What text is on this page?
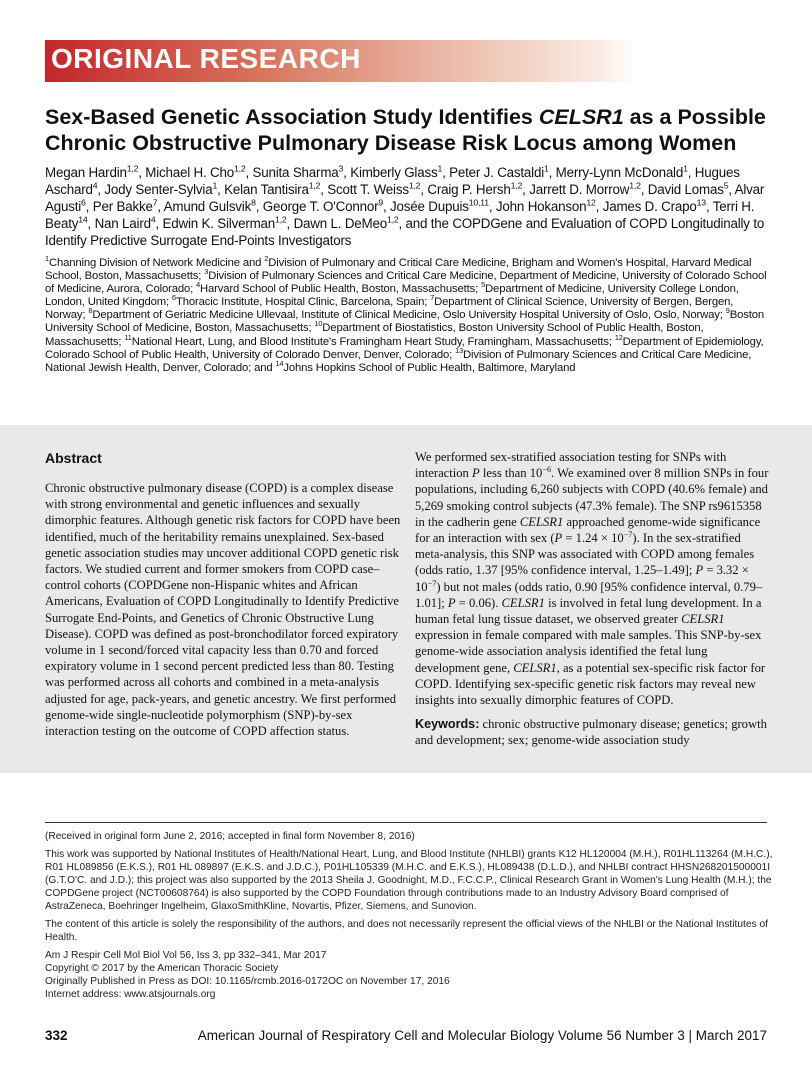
ORIGINAL RESEARCH
Sex-Based Genetic Association Study Identifies CELSR1 as a Possible Chronic Obstructive Pulmonary Disease Risk Locus among Women
Megan Hardin$^{1,2}$, Michael H. Cho$^{1,2}$, Sunita Sharma$^3$, Kimberly Glass$^1$, Peter J. Castaldi$^1$, Merry-Lynn McDonald$^1$, Hugues Aschard$^4$, Jody Senter-Sylvia$^1$, Kelan Tantisira$^{1,2}$, Scott T. Weiss$^{1,2}$, Craig P. Hersh$^{1,2}$, Jarrett D. Morrow$^{1,2}$, David Lomas$^5$, Alvar Agusti$^6$, Per Bakke$^7$, Amund Gulsvik$^8$, George T. O'Connor$^9$, Josée Dupuis$^{10,11}$, John Hokanson$^{12}$, James D. Crapo$^{13}$, Terri H. Beaty$^{14}$, Nan Laird$^4$, Edwin K. Silverman$^{1,2}$, Dawn L. DeMeo$^{1,2}$, and the COPDGene and Evaluation of COPD Longitudinally to Identify Predictive Surrogate End-Points Investigators
$^1$Channing Division of Network Medicine and $^2$Division of Pulmonary and Critical Care Medicine, Brigham and Women's Hospital, Harvard Medical School, Boston, Massachusetts; $^3$Division of Pulmonary Sciences and Critical Care Medicine, Department of Medicine, University of Colorado School of Medicine, Aurora, Colorado; $^4$Harvard School of Public Health, Boston, Massachusetts; $^5$Department of Medicine, University College London, London, United Kingdom; $^6$Thoracic Institute, Hospital Clinic, Barcelona, Spain; $^7$Department of Clinical Science, University of Bergen, Bergen, Norway; $^8$Department of Geriatric Medicine Ullevaal, Institute of Clinical Medicine, Oslo University Hospital University of Oslo, Oslo, Norway; $^9$Boston University School of Medicine, Boston, Massachusetts; $^{10}$Department of Biostatistics, Boston University School of Public Health, Boston, Massachusetts; $^{11}$National Heart, Lung, and Blood Institute's Framingham Heart Study, Framingham, Massachusetts; $^{12}$Department of Epidemiology, Colorado School of Public Health, University of Colorado Denver, Denver, Colorado; $^{13}$Division of Pulmonary Sciences and Critical Care Medicine, National Jewish Health, Denver, Colorado; and $^{14}$Johns Hopkins School of Public Health, Baltimore, Maryland
Abstract
Chronic obstructive pulmonary disease (COPD) is a complex disease with strong environmental and genetic influences and sexually dimorphic features. Although genetic risk factors for COPD have been identified, much of the heritability remains unexplained. Sex-based genetic association studies may uncover additional COPD genetic risk factors. We studied current and former smokers from COPD case–control cohorts (COPDGene non-Hispanic whites and African Americans, Evaluation of COPD Longitudinally to Identify Predictive Surrogate End-Points, and Genetics of Chronic Obstructive Lung Disease). COPD was defined as post-bronchodilator forced expiratory volume in 1 second/forced vital capacity less than 0.70 and forced expiratory volume in 1 second percent predicted less than 80. Testing was performed across all cohorts and combined in a meta-analysis adjusted for age, pack-years, and genetic ancestry. We first performed genome-wide single-nucleotide polymorphism (SNP)-by-sex interaction testing on the outcome of COPD affection status.
We performed sex-stratified association testing for SNPs with interaction P less than $10^{-6}$. We examined over 8 million SNPs in four populations, including 6,260 subjects with COPD (40.6% female) and 5,269 smoking control subjects (47.3% female). The SNP rs9615358 in the cadherin gene CELSR1 approached genome-wide significance for an interaction with sex $(P = 1.24 \times 10^{-7})$. In the sex-stratified meta-analysis, this SNP was associated with COPD among females (odds ratio, 1.37 [95% confidence interval, 1.25–1.49]; $P = 3.32 \times 10^{-7}$) but not males (odds ratio, 0.90 [95% confidence interval, 0.79–1.01]; P = 0.06). CELSR1 is involved in fetal lung development. In a human fetal lung tissue dataset, we observed greater CELSR1 expression in female compared with male samples. This SNP-by-sex genome-wide association analysis identified the fetal lung development gene, CELSR1, as a potential sex-specific risk factor for COPD. Identifying sex-specific genetic risk factors may reveal new insights into sexually dimorphic features of COPD.
Keywords: chronic obstructive pulmonary disease; genetics; growth and development; sex; genome-wide association study

(Received in original form June 2, 2016; accepted in final form November 8, 2016)

This work was supported by National Institutes of Health/National Heart, Lung, and Blood Institute (NHLBI) grants K12 HL120004 (M.H.), R01HL113264 (M.H.C.), R01 HL089856 (E.K.S.), R01 HL 089897 (E.K.S. and J.D.C.), P01HL105339 (M.H.C. and E.K.S.), HL089438 (D.L.D.), and NHLBI contract HHSN268201500001I (G.T.O'C. and J.D.); this project was also supported by the 2013 Sheila J. Goodnight, M.D., F.C.C.P., Clinical Research Grant in Women's Lung Health (M.H.); the COPDGene project (NCT00608764) is also supported by the COPD Foundation through contributions made to an Industry Advisory Board comprised of AstraZeneca, Boehringer Ingelheim, GlaxoSmithKline, Novartis, Pfizer, Siemens, and Sunovion.

The content of this article is solely the responsibility of the authors, and does not necessarily represent the official views of the NHLBI or the National Institutes of Health.

Am J Respir Cell Mol Biol Vol 56, Iss 3, pp 332–341, Mar 2017
Copyright © 2017 by the American Thoracic Society
Originally Published in Press as DOI: 10.1165/rcmb.2016-0172OC on November 17, 2016
Internet address: www.atsjournals.org
332	American Journal of Respiratory Cell and Molecular Biology Volume 56 Number 3 | March 2017
